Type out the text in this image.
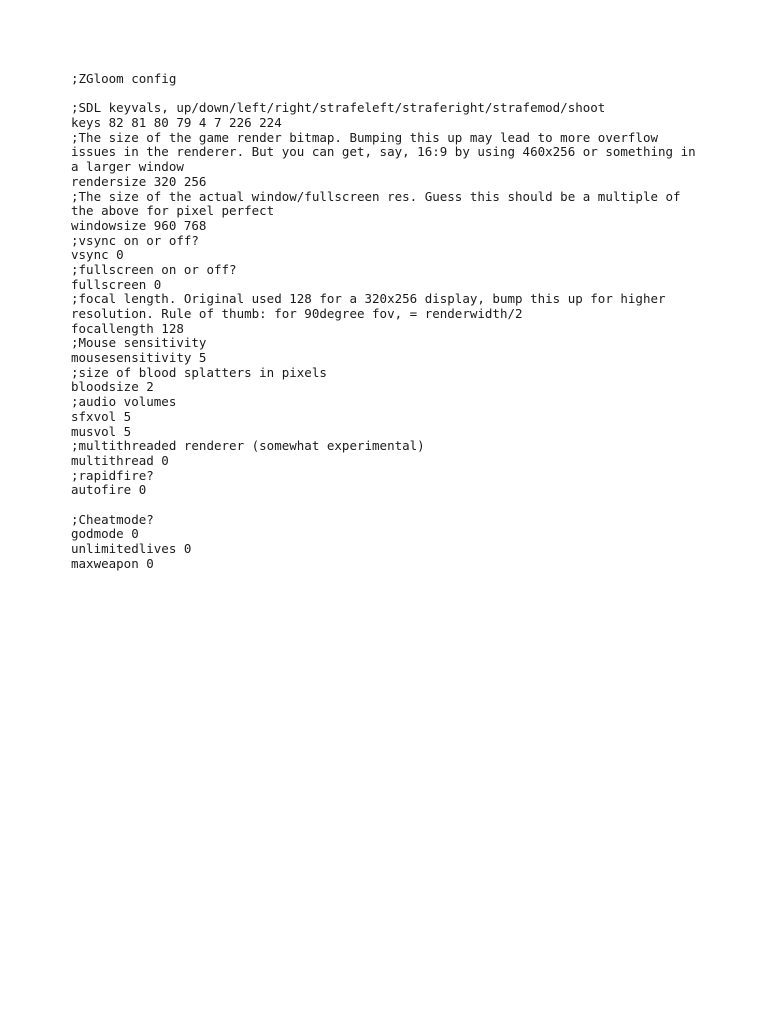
;ZGloom config
;SDL keyvals, up/down/left/right/strafeleft/straferight/strafemod/shoot
keys 82 81 80 79 4 7 226 224
;The size of the game render bitmap. Bumping this up may lead to more overflow
issues in the renderer. But you can get, say, 16:9 by using 460x256 or something in
a larger window
rendersize 320 256
;The size of the actual window/fullscreen res. Guess this should be a multiple of
the above for pixel perfect
windowsize 960 768
;vsync on or off?
vsync 0
;fullscreen on or off?
fullscreen 0
;focal length. Original used 128 for a 320x256 display, bump this up for higher
resolution. Rule of thumb: for 90degree fov, = renderwidth/2
focallength 128
;Mouse sensitivity
mousesensitivity 5
;size of blood splatters in pixels
bloodsize 2
;audio volumes
sfxvol 5
musvol 5
;multithreaded renderer (somewhat experimental)
multithread 0
;rapidfire?
autofire 0
;Cheatmode?
godmode 0
unlimitedlives 0
maxweapon 0
